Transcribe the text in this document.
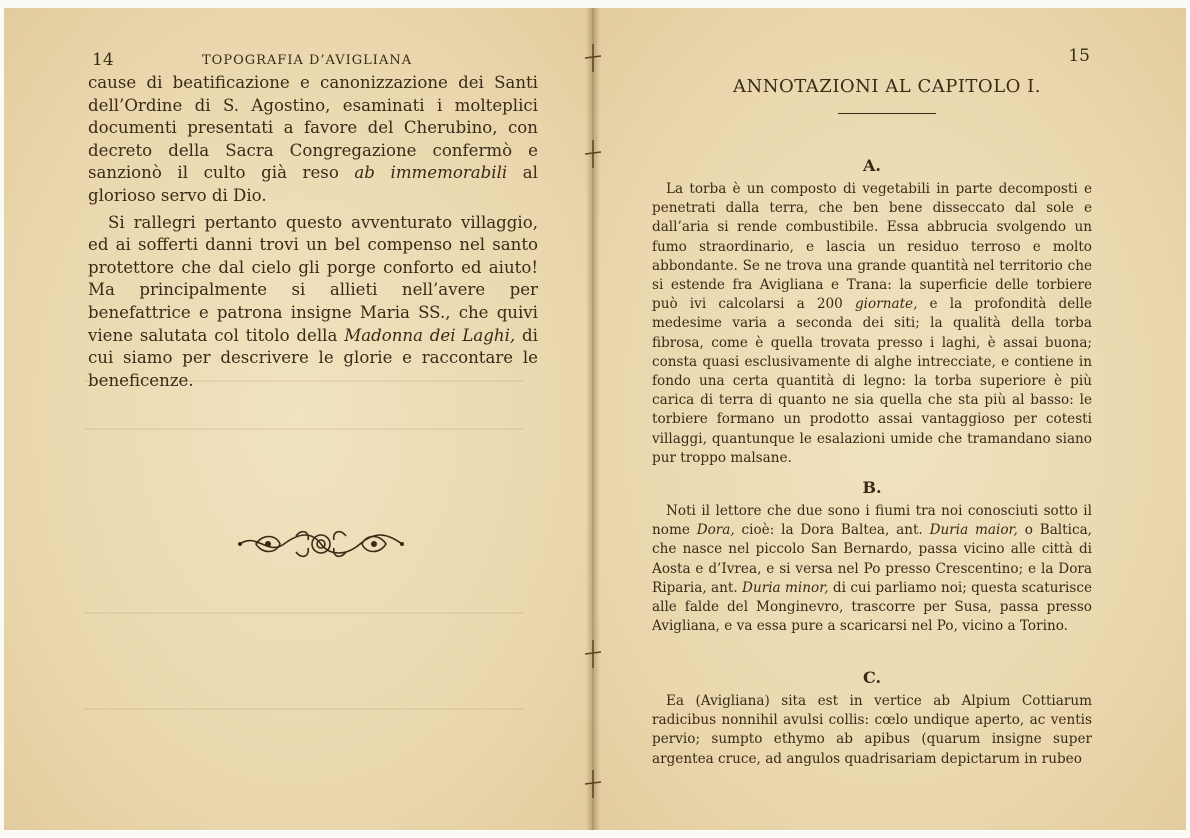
14	TOPOGRAFIA D’AVIGLIANA

cause di beatificazione e canonizzazione dei Santi dell’Ordine di S. Agostino, esaminati i molteplici documenti presentati a favore del Cherubino, con decreto della Sacra Congregazione confermò e sanzionò il culto già reso ab immemorabili al glorioso servo di Dio.

Si rallegri pertanto questo avventurato villaggio, ed ai sofferti danni trovi un bel compenso nel santo protettore che dal cielo gli porge conforto ed aiuto! Ma principalmente si allieti nell’avere per benefattrice e patrona insigne Maria SS., che quivi viene salutata col titolo della Madonna dei Laghi, di cui siamo per descrivere le glorie e raccontare le beneficenze.

15
ANNOTAZIONI AL CAPITOLO I.
A.

La torba è un composto di vegetabili in parte decomposti e penetrati dalla terra, che ben bene disseccato dal sole e dall’aria si rende combustibile. Essa abbrucia svolgendo un fumo straordinario, e lascia un residuo terroso e molto abbondante. Se ne trova una grande quantità nel territorio che si estende fra Avigliana e Trana: la superficie delle torbiere può ivi calcolarsi a 200 giornate, e la profondità delle medesime varia a seconda dei siti; la qualità della torba fibrosa, come è quella trovata presso i laghi, è assai buona; consta quasi esclusivamente di alghe intrecciate, e contiene in fondo una certa quantità di legno: la torba superiore è più carica di terra di quanto ne sia quella che sta più al basso: le torbiere formano un prodotto assai vantaggioso per cotesti villaggi, quantunque le esalazioni umide che tramandano siano pur troppo malsane.

B.

Noti il lettore che due sono i fiumi tra noi conosciuti sotto il nome Dora, cioè: la Dora Baltea, ant. Duria maior, o Baltica, che nasce nel piccolo San Bernardo, passa vicino alle città di Aosta e d’Ivrea, e si versa nel Po presso Crescentino; e la Dora Riparia, ant. Duria minor, di cui parliamo noi; questa scaturisce alle falde del Monginevro, trascorre per Susa, passa presso Avigliana, e va essa pure a scaricarsi nel Po, vicino a Torino.

C.

Ea (Avigliana) sita est in vertice ab Alpium Cottiarum radicibus nonnihil avulsi collis: cœlo undique aperto, ac ventis pervio; sumpto ethymo ab apibus (quarum insigne super argentea cruce, ad angulos quadrisariam depictarum in rubeo
